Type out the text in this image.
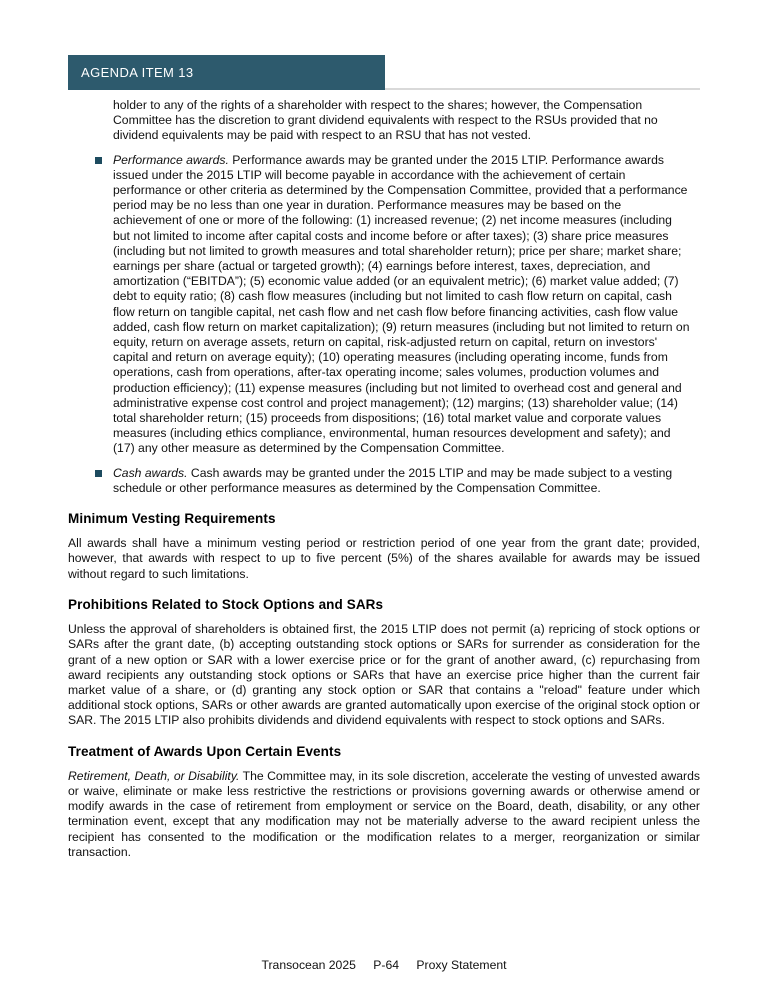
AGENDA ITEM 13

holder to any of the rights of a shareholder with respect to the shares; however, the Compensation Committee has the discretion to grant dividend equivalents with respect to the RSUs provided that no dividend equivalents may be paid with respect to an RSU that has not vested.

Performance awards. Performance awards may be granted under the 2015 LTIP. Performance awards issued under the 2015 LTIP will become payable in accordance with the achievement of certain performance or other criteria as determined by the Compensation Committee, provided that a performance period may be no less than one year in duration. Performance measures may be based on the achievement of one or more of the following: (1) increased revenue; (2) net income measures (including but not limited to income after capital costs and income before or after taxes); (3) share price measures (including but not limited to growth measures and total shareholder return); price per share; market share; earnings per share (actual or targeted growth); (4) earnings before interest, taxes, depreciation, and amortization (“EBITDA”); (5) economic value added (or an equivalent metric); (6) market value added; (7) debt to equity ratio; (8) cash flow measures (including but not limited to cash flow return on capital, cash flow return on tangible capital, net cash flow and net cash flow before financing activities, cash flow value added, cash flow return on market capitalization); (9) return measures (including but not limited to return on equity, return on average assets, return on capital, risk-adjusted return on capital, return on investors' capital and return on average equity); (10) operating measures (including operating income, funds from operations, cash from operations, after-tax operating income; sales volumes, production volumes and production efficiency); (11) expense measures (including but not limited to overhead cost and general and administrative expense cost control and project management); (12) margins; (13) shareholder value; (14) total shareholder return; (15) proceeds from dispositions; (16) total market value and corporate values measures (including ethics compliance, environmental, human resources development and safety); and (17) any other measure as determined by the Compensation Committee.
Cash awards. Cash awards may be granted under the 2015 LTIP and may be made subject to a vesting schedule or other performance measures as determined by the Compensation Committee.
Minimum Vesting Requirements

All awards shall have a minimum vesting period or restriction period of one year from the grant date; provided, however, that awards with respect to up to five percent (5%) of the shares available for awards may be issued without regard to such limitations.

Prohibitions Related to Stock Options and SARs

Unless the approval of shareholders is obtained first, the 2015 LTIP does not permit (a) repricing of stock options or SARs after the grant date, (b) accepting outstanding stock options or SARs for surrender as consideration for the grant of a new option or SAR with a lower exercise price or for the grant of another award, (c) repurchasing from award recipients any outstanding stock options or SARs that have an exercise price higher than the current fair market value of a share, or (d) granting any stock option or SAR that contains a "reload" feature under which additional stock options, SARs or other awards are granted automatically upon exercise of the original stock option or SAR. The 2015 LTIP also prohibits dividends and dividend equivalents with respect to stock options and SARs.

Treatment of Awards Upon Certain Events

Retirement, Death, or Disability. The Committee may, in its sole discretion, accelerate the vesting of unvested awards or waive, eliminate or make less restrictive the restrictions or provisions governing awards or otherwise amend or modify awards in the case of retirement from employment or service on the Board, death, disability, or any other termination event, except that any modification may not be materially adverse to the award recipient unless the recipient has consented to the modification or the modification relates to a merger, reorganization or similar transaction.

Transocean 2025 P-64 Proxy Statement
